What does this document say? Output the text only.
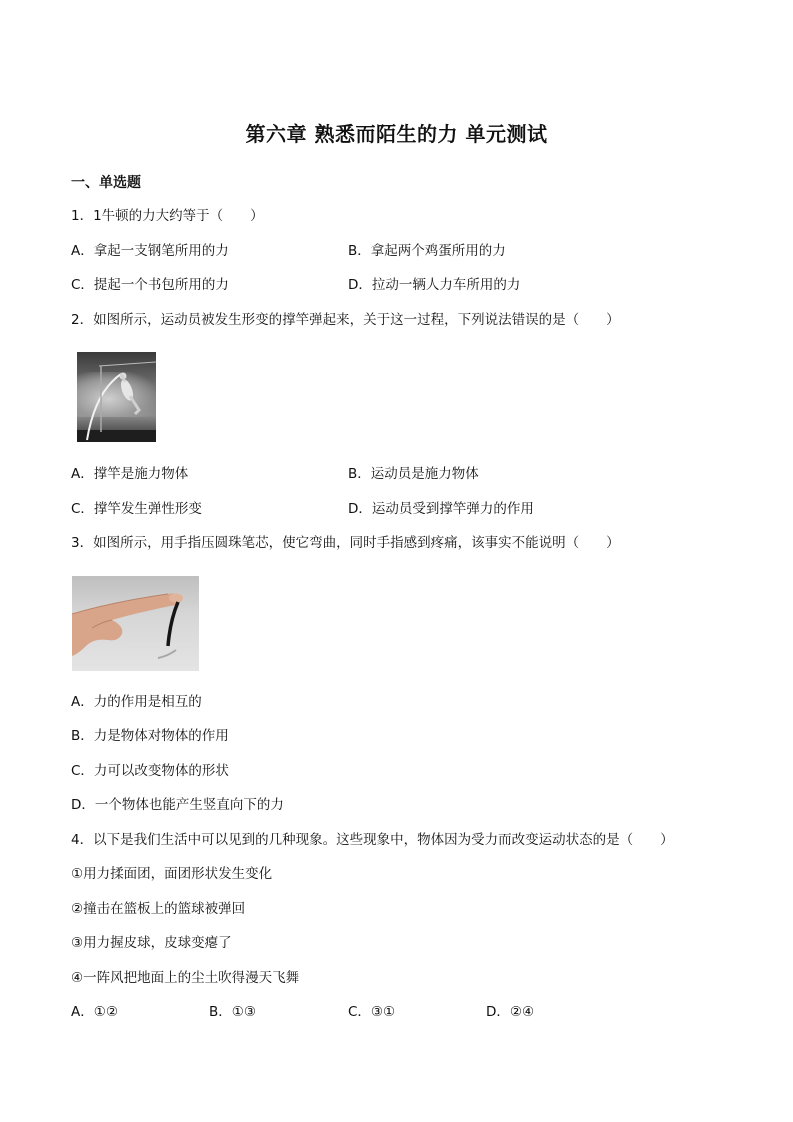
第六章 熟悉而陌生的力 单元测试
一、单选题
1．1牛顿的力大约等于（　　）
A．拿起一支钢笔所用的力	B．拿起两个鸡蛋所用的力
C．提起一个书包所用的力	D．拉动一辆人力车所用的力
2．如图所示，运动员被发生形变的撑竿弹起来，关于这一过程，下列说法错误的是（　　）
A．撑竿是施力物体	B．运动员是施力物体
C．撑竿发生弹性形变	D．运动员受到撑竿弹力的作用
3．如图所示，用手指压圆珠笔芯，使它弯曲，同时手指感到疼痛，该事实不能说明（　　）
A．力的作用是相互的
B．力是物体对物体的作用
C．力可以改变物体的形状
D．一个物体也能产生竖直向下的力
4．以下是我们生活中可以见到的几种现象。这些现象中，物体因为受力而改变运动状态的是（　　）
①用力揉面团，面团形状发生变化
②撞击在篮板上的篮球被弹回
③用力握皮球，皮球变瘪了
④一阵风把地面上的尘土吹得漫天飞舞
A．①②	B．①③	C．③①	D．②④
